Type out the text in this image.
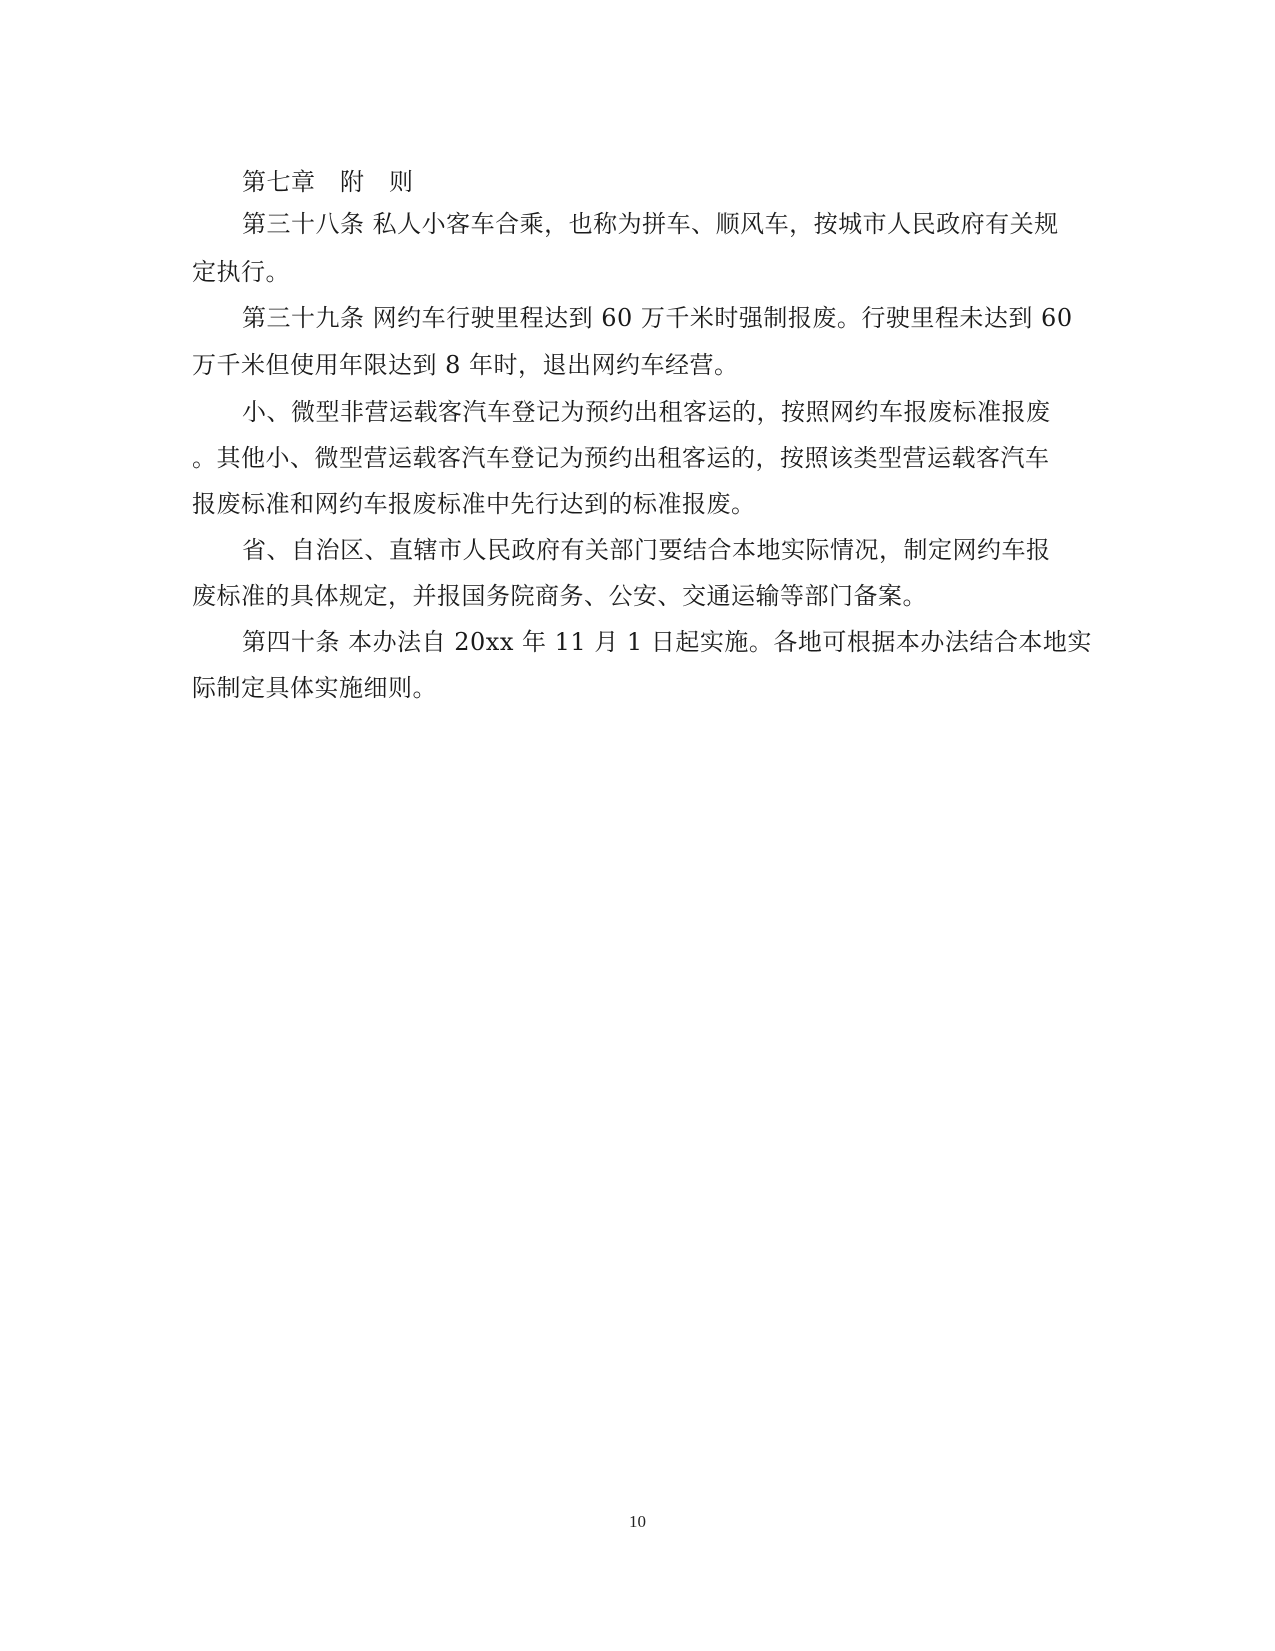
第七章　附　则
第三十八条 私人小客车合乘，也称为拼车、顺风车，按城市人民政府有关规
定执行。
第三十九条 网约车行驶里程达到 60 万千米时强制报废。行驶里程未达到 60
万千米但使用年限达到 8 年时，退出网约车经营。
小、微型非营运载客汽车登记为预约出租客运的，按照网约车报废标准报废
。其他小、微型营运载客汽车登记为预约出租客运的，按照该类型营运载客汽车
报废标准和网约车报废标准中先行达到的标准报废。
省、自治区、直辖市人民政府有关部门要结合本地实际情况，制定网约车报
废标准的具体规定，并报国务院商务、公安、交通运输等部门备案。
第四十条 本办法自 20xx 年 11 月 1 日起实施。各地可根据本办法结合本地实
际制定具体实施细则。
10
